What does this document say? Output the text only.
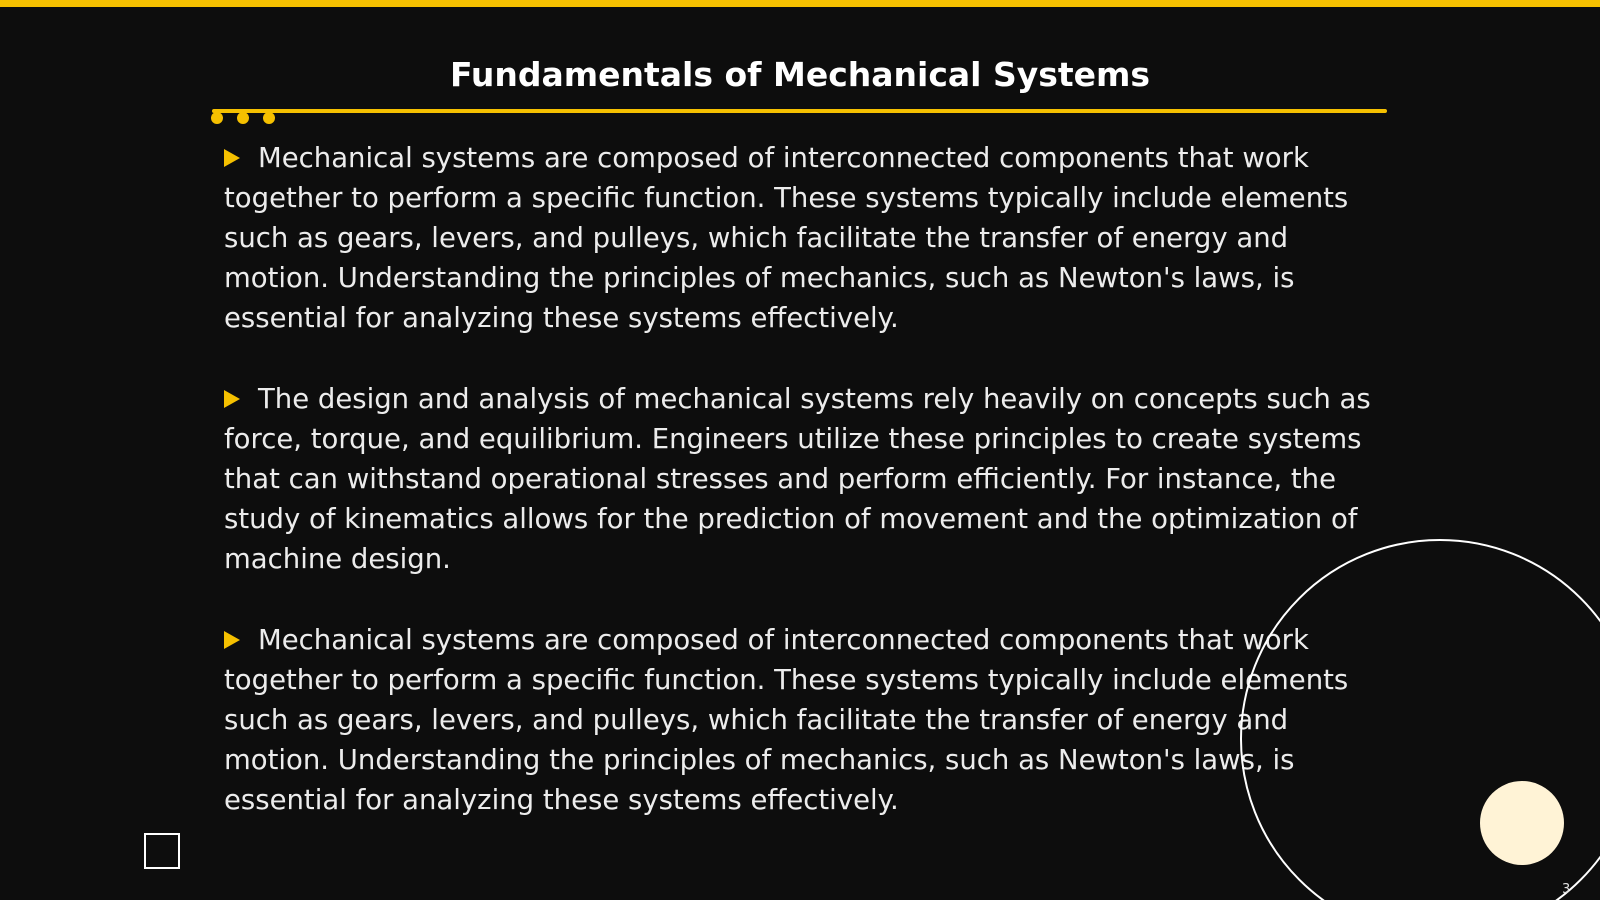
Fundamentals of Mechanical Systems

Mechanical systems are composed of interconnected components that work together to perform a specific function. These systems typically include elements such as gears, levers, and pulleys, which facilitate the transfer of energy and motion. Understanding the principles of mechanics, such as Newton's laws, is essential for analyzing these systems effectively.

The design and analysis of mechanical systems rely heavily on concepts such as force, torque, and equilibrium. Engineers utilize these principles to create systems that can withstand operational stresses and perform efficiently. For instance, the study of kinematics allows for the prediction of movement and the optimization of machine design.

Mechanical systems are composed of interconnected components that work together to perform a specific function. These systems typically include elements such as gears, levers, and pulleys, which facilitate the transfer of energy and motion. Understanding the principles of mechanics, such as Newton's laws, is essential for analyzing these systems effectively.

3
